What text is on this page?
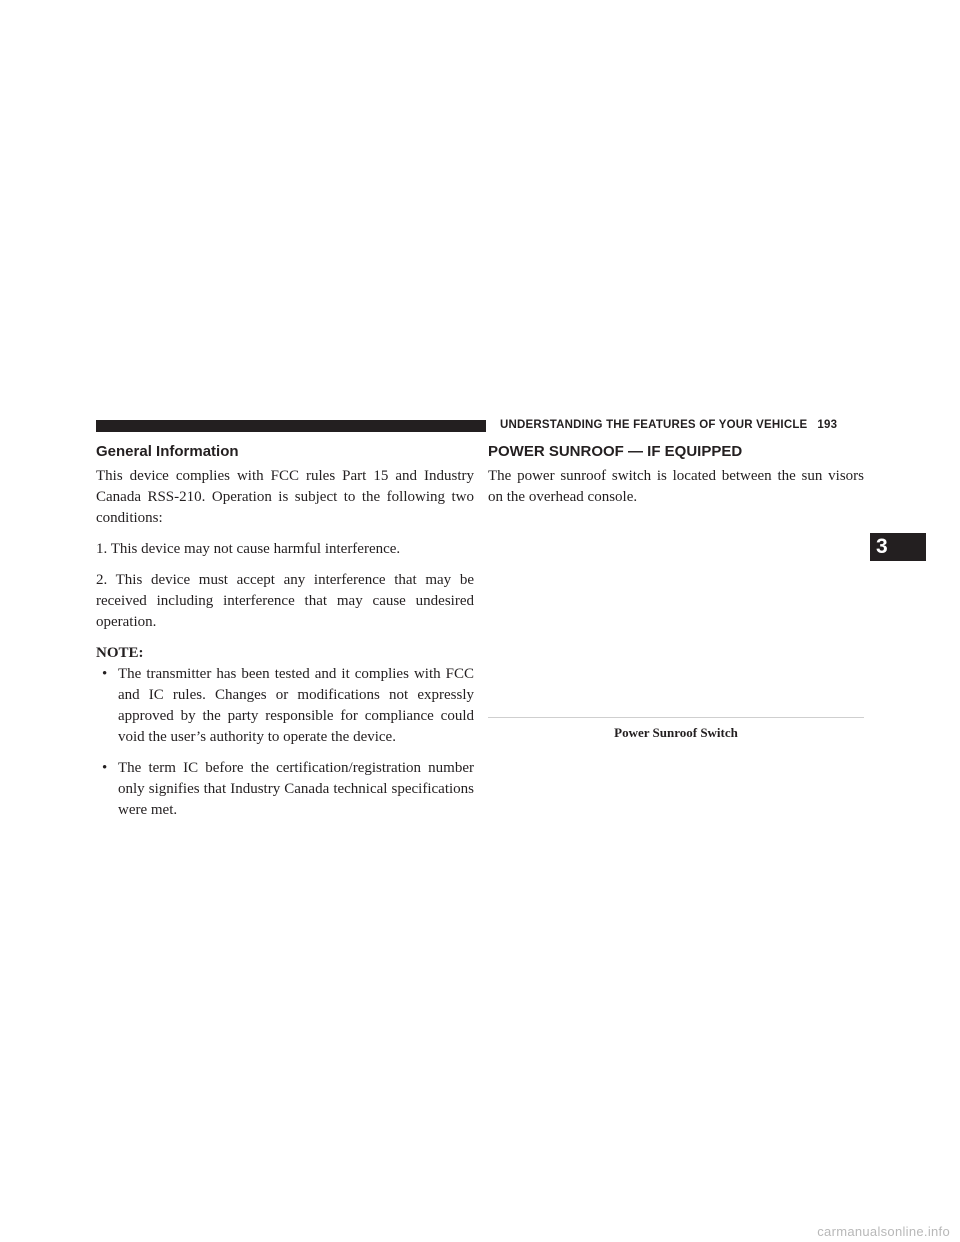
UNDERSTANDING THE FEATURES OF YOUR VEHICLE 193
General Information

This device complies with FCC rules Part 15 and Industry Canada RSS-210. Operation is subject to the following two conditions:

1. This device may not cause harmful interference.

2. This device must accept any interference that may be received including interference that may cause undesired operation.

NOTE:
• The transmitter has been tested and it complies with FCC and IC rules. Changes or modifications not expressly approved by the party responsible for compliance could void the user’s authority to operate the device.
• The term IC before the certification/registration number only signifies that Industry Canada technical specifications were met.
POWER SUNROOF — IF EQUIPPED

The power sunroof switch is located between the sun visors on the overhead console.

Power Sunroof Switch
3
carmanualsonline.info
